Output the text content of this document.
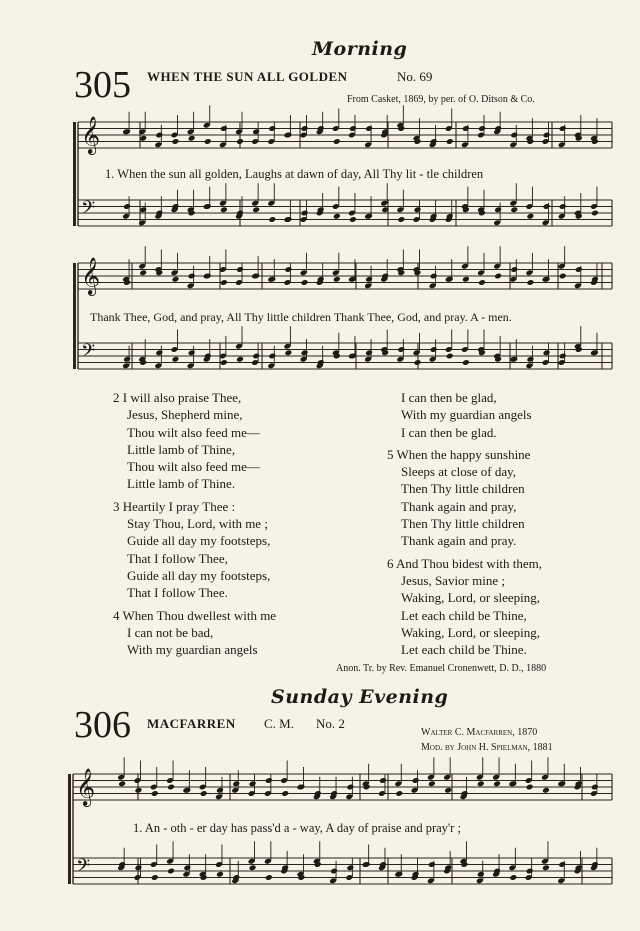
𝄞
𝄢
𝄞
𝄢
𝄞
𝄢
Morning
305 WHEN THE SUN ALL GOLDEN	No. 69
From Casket, 1869, by per. of O. Ditson & Co.
1. When the sun all golden, Laughs at dawn of day, All Thy lit - tle children
Thank Thee, God, and pray, All Thy little children Thank Thee, God, and pray. A - men.
2 I will also praise Thee,
Jesus, Shepherd mine,
Thou wilt also feed me—
Little lamb of Thine,
Thou wilt also feed me—
Little lamb of Thine.
3 Heartily I pray Thee :
Stay Thou, Lord, with me ;
Guide all day my footsteps,
That I follow Thee,
Guide all day my footsteps,
That I follow Thee.
4 When Thou dwellest with me
I can not be bad,
With my guardian angels
I can then be glad,
With my guardian angels
I can then be glad.
5 When the happy sunshine
Sleeps at close of day,
Then Thy little children
Thank again and pray,
Then Thy little children
Thank again and pray.
6 And Thou bidest with them,
Jesus, Savior mine ;
Waking, Lord, or sleeping,
Let each child be Thine,
Waking, Lord, or sleeping,
Let each child be Thine.
Anon. Tr. by Rev. Emanuel Cronenwett, D. D., 1880
Sunday Evening
306 MACFARREN C. M. No. 2
Walter C. Macfarren, 1870
Mod. by John H. Spielman, 1881
1. An - oth - er day has pass'd a - way, A day of praise and pray'r ;
